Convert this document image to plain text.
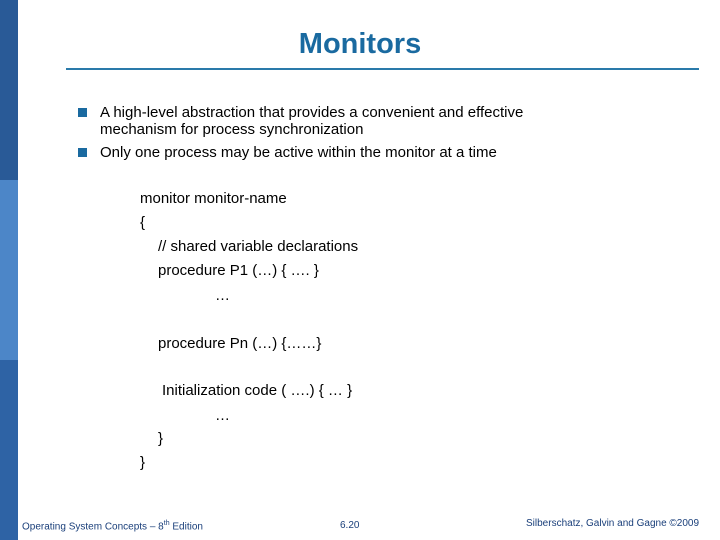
Monitors
A high-level abstraction that provides a convenient and effective
mechanism for process synchronization
Only one process may be active within the monitor at a time
monitor monitor-name
{
// shared variable declarations
procedure P1 (…) { …. }
…
procedure Pn (…) {……}
Initialization code ( ….) { … }
…
}
}
Operating System Concepts – 8th Edition	6.20	Silberschatz, Galvin and Gagne ©2009
